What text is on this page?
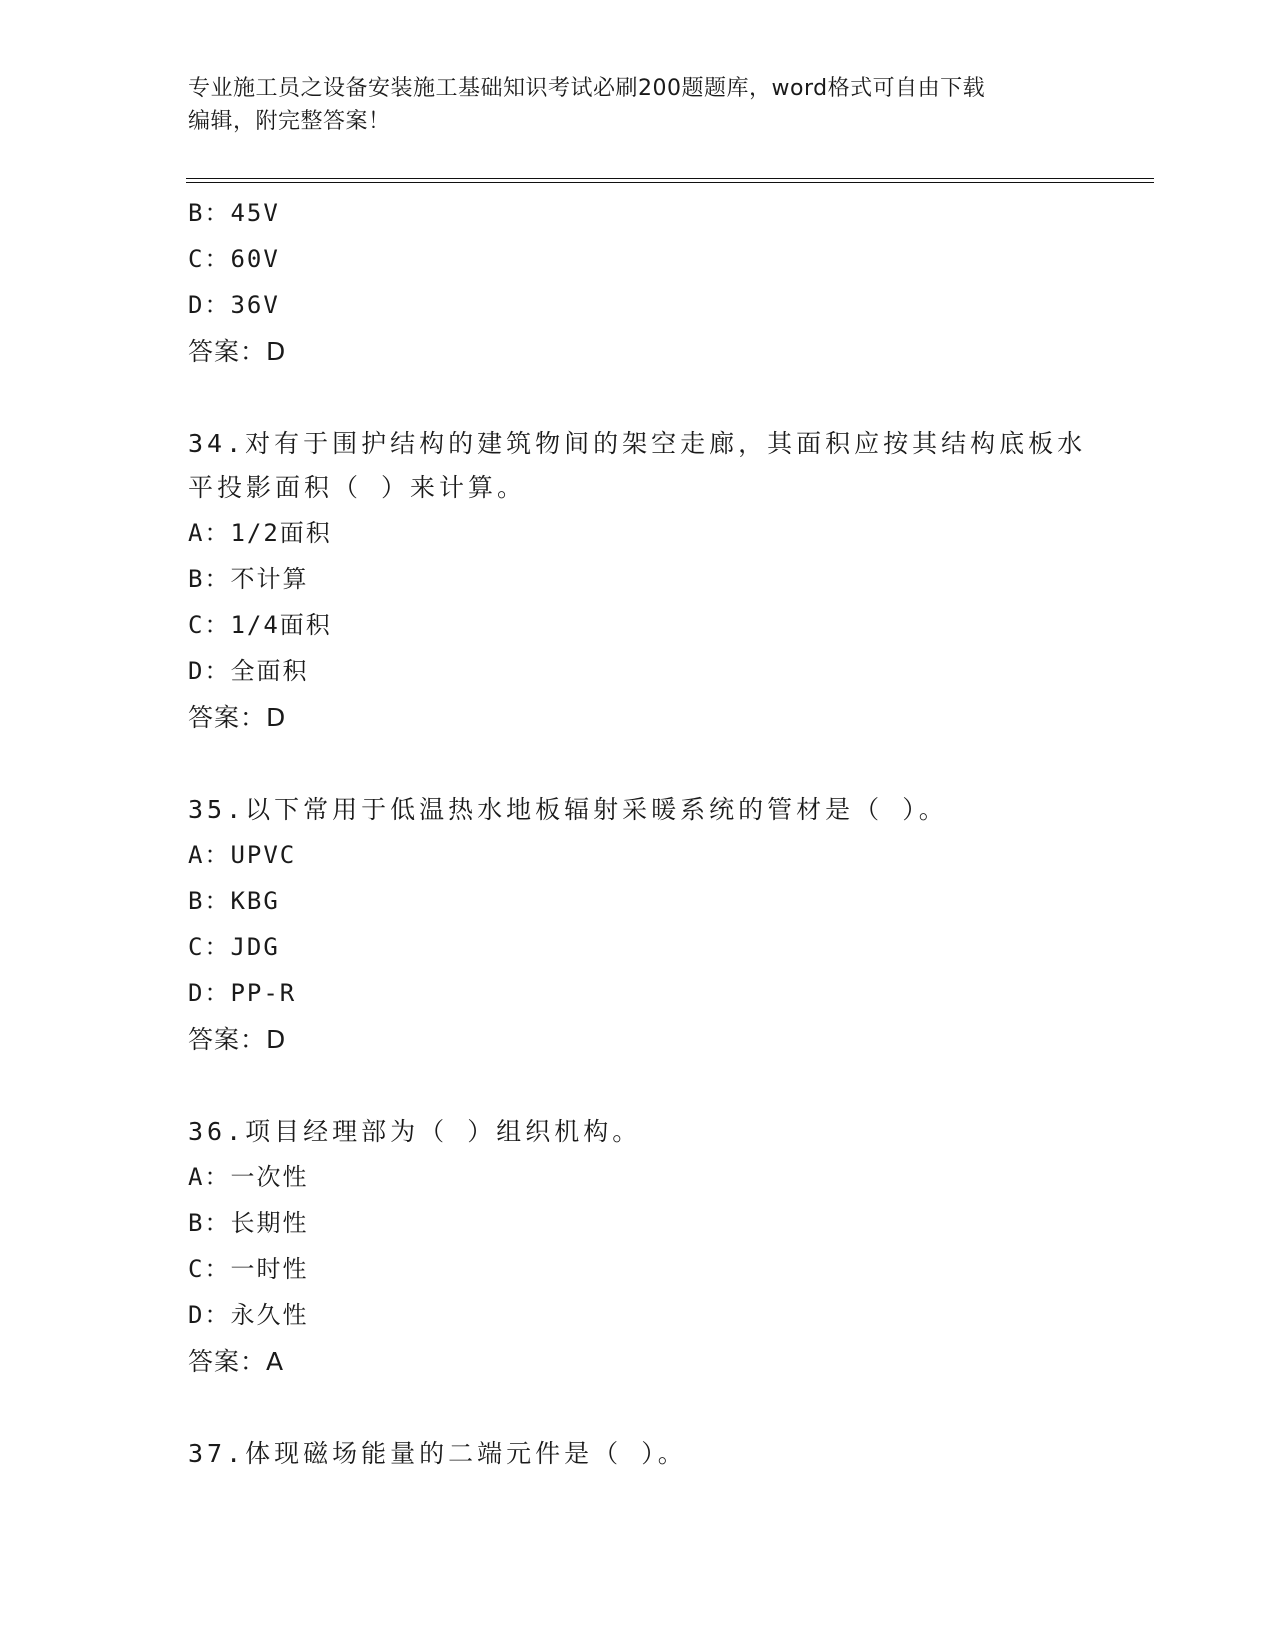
专业施工员之设备安装施工基础知识考试必刷200题题库，word格式可自由下载
编辑，附完整答案！
B：45V
C：60V
D：36V
答案：D
34.对有于围护结构的建筑物间的架空走廊，其面积应按其结构底板水
平投影面积（ ）来计算。
A：1/2面积
B：不计算
C：1/4面积
D：全面积
答案：D
35.以下常用于低温热水地板辐射采暖系统的管材是（ ）。
A：UPVC
B：KBG
C：JDG
D：PP-R
答案：D
36.项目经理部为（ ）组织机构。
A：一次性
B：长期性
C：一时性
D：永久性
答案：A
37.体现磁场能量的二端元件是（ ）。
